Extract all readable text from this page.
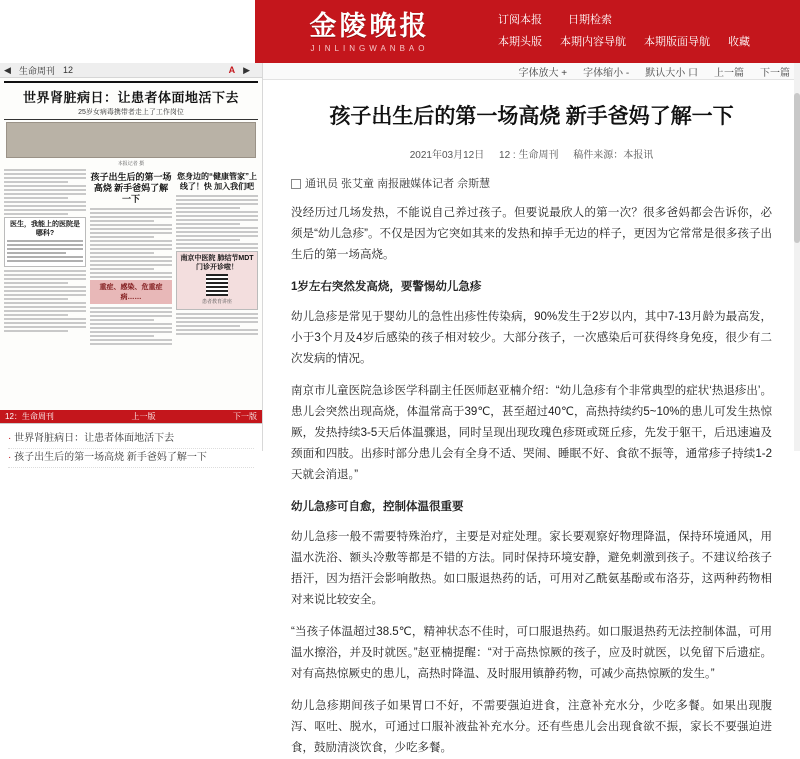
金陵晚报
JINLINGWANBAO
订阅本报 日期检索
本期头版 本期内容导航 本期版面导航 收藏
◀ 生命周刊 12	A ▶
世界肾脏病日：让患者体面地活下去
25岁女病毒携带者走上了工作岗位
本报记者 摄
医生，我能上的医院是哪科?
孩子出生后的第一场高烧 新手爸妈了解一下
重症、感染、危重症病……
您身边的“健康管家”上线了！快 加入我们吧
南京中医院 肺结节MDT门诊开诊啦！
患者教育讲座
12：生命周刊	上一版	下一版
· 世界肾脏病日：让患者体面地活下去
· 孩子出生后的第一场高烧 新手爸妈了解一下
字体放大 + 字体缩小 - 默认大小 口 上一篇 下一篇
孩子出生后的第一场高烧 新手爸妈了解一下
2021年03月12日 12 : 生命周刊 稿件来源：本报讯
通讯员 张艾童 南报融媒体记者 佘斯慧
没经历过几场发热，不能说自己养过孩子。但要说最欣人的第一次？很多爸妈都会告诉你，必须是“幼儿急疹”。不仅是因为它突如其来的发热和掉手无边的样子，更因为它常常是很多孩子出生后的第一场高烧。
1岁左右突然发高烧，要警惕幼儿急疹
幼儿急疹是常见于婴幼儿的急性出疹性传染病，90%发生于2岁以内，其中7-13月龄为最高发，小于3个月及4岁后感染的孩子相对较少。大部分孩子，一次感染后可获得终身免疫，很少有二次发病的情况。
南京市儿童医院急诊医学科副主任医师赵亚楠介绍：“幼儿急疹有个非常典型的症状‘热退疹出’。患儿会突然出现高烧，体温常高于39℃，甚至超过40℃，高热持续约5~10%的患儿可发生热惊厥，发热持续3-5天后体温骤退，同时呈现出现玫瑰色疹斑或斑丘疹，先发于躯干，后迅速遍及颈面和四肢。出疹时部分患儿会有全身不适、哭闹、睡眠不好、食欲不振等，通常疹子持续1-2天就会消退。”
幼儿急疹可自愈，控制体温很重要
幼儿急疹一般不需要特殊治疗，主要是对症处理。家长要观察好物理降温，保持环境通风，用温水洗浴、额头冷敷等都是不错的方法。同时保持环境安静，避免刺激到孩子。不建议给孩子捂汗，因为捂汗会影响散热。如口服退热药的话，可用对乙酰氨基酚或布洛芬，这两种药物相对来说比较安全。
“当孩子体温超过38.5℃，精神状态不佳时，可口服退热药。如口服退热药无法控制体温，可用温水擦浴，并及时就医。”赵亚楠提醒：“对于高热惊厥的孩子，应及时就医，以免留下后遗症。对有高热惊厥史的患儿，高热时降温、及时服用镇静药物，可减少高热惊厥的发生。”
幼儿急疹期间孩子如果胃口不好，不需要强迫进食，注意补充水分，少吃多餐。如果出现腹泻、呕吐、脱水，可通过口服补液盐补充水分。还有些患儿会出现食欲不振，家长不要强迫进食，鼓励清淡饮食，少吃多餐。
